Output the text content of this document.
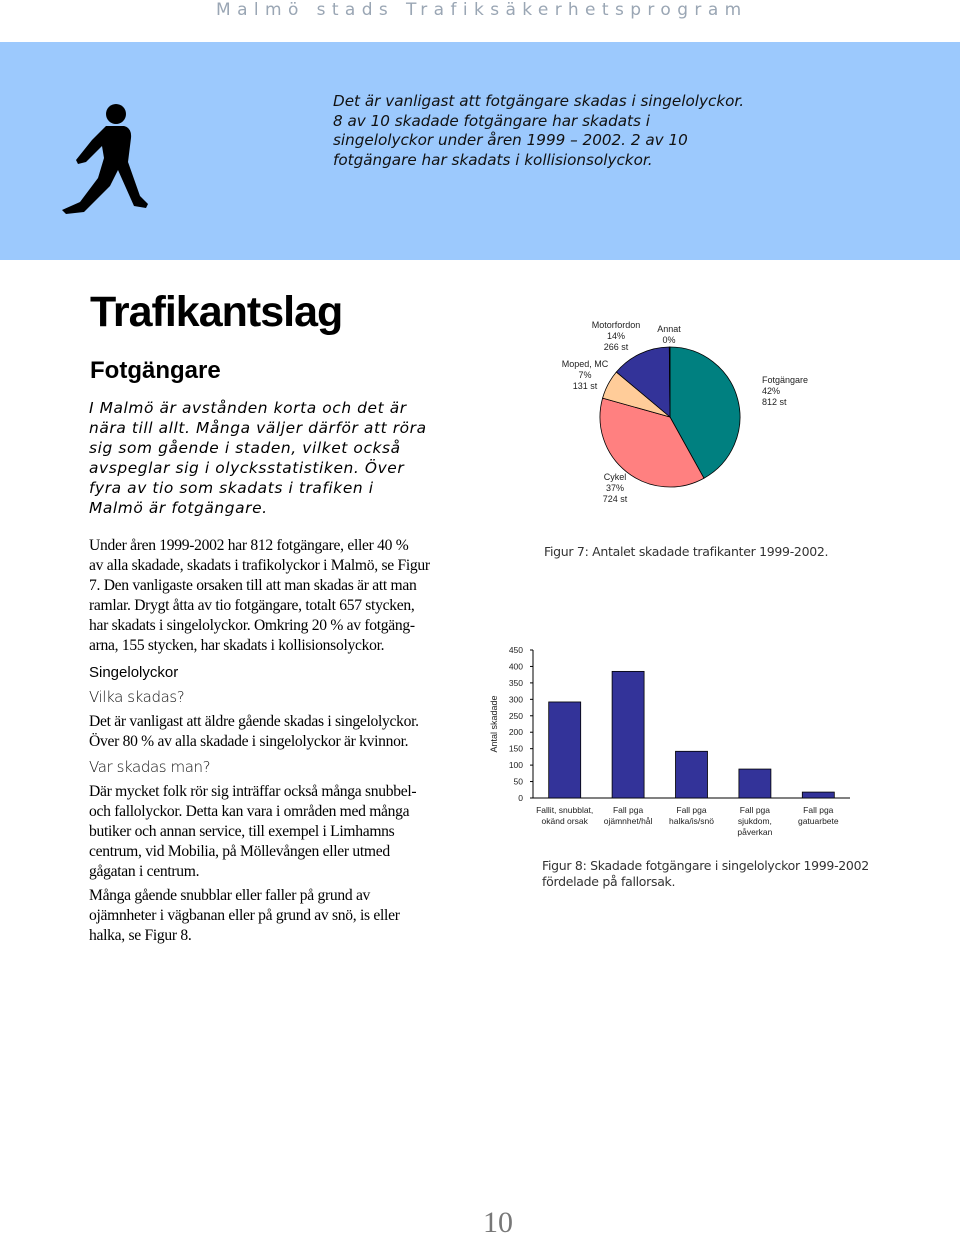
Malmö stads Trafiksäkerhetsprogram
Det är vanligast att fotgängare skadas i singelolyckor.
8 av 10 skadade fotgängare har skadats i
singelolyckor under åren 1999 – 2002. 2 av 10
fotgängare har skadats i kollisionsolyckor.
Trafikantslag
Fotgängare
I Malmö är avstånden korta och det är
nära till allt. Många väljer därför att röra
sig som gående i staden, vilket också
avspeglar sig i olycksstatistiken. Över
fyra av tio som skadats i trafiken i
Malmö är fotgängare.
Under åren 1999-2002 har 812 fotgängare, eller 40 %
av alla skadade, skadats i trafikolyckor i Malmö, se Figur
7. Den vanligaste orsaken till att man skadas är att man
ramlar. Drygt åtta av tio fotgängare, totalt 657 stycken,
har skadats i singelolyckor. Omkring 20 % av fotgäng-
arna, 155 stycken, har skadats i kollisionsolyckor.
Singelolyckor
Vilka skadas?
Det är vanligast att äldre gående skadas i singelolyckor.
Över 80 % av alla skadade i singelolyckor är kvinnor.
Var skadas man?
Där mycket folk rör sig inträffar också många snubbel-
och fallolyckor. Detta kan vara i områden med många
butiker och annan service, till exempel i Limhamns
centrum, vid Mobilia, på Möllevången eller utmed
gågatan i centrum.
Många gående snubblar eller faller på grund av
ojämnheter i vägbanan eller på grund av snö, is eller
halka, se Figur 8.
Fotgängare 42% 812 st
Cykel 37% 724 st
Moped, MC 7% 131 st
Motorfordon 14% 266 st
Annat 0%
Figur 7: Antalet skadade trafikanter 1999-2002.
0
50
100
150
200
250
300
350
400
450
Antal skadade
Fallit, snubblat, okänd orsak
Fall pga ojämnhet/hål
Fall pga halka/is/snö
Fall pga sjukdom, påverkan
Fall pga gatuarbete
Figur 8: Skadade fotgängare i singelolyckor 1999-2002
fördelade på fallorsak.
10
